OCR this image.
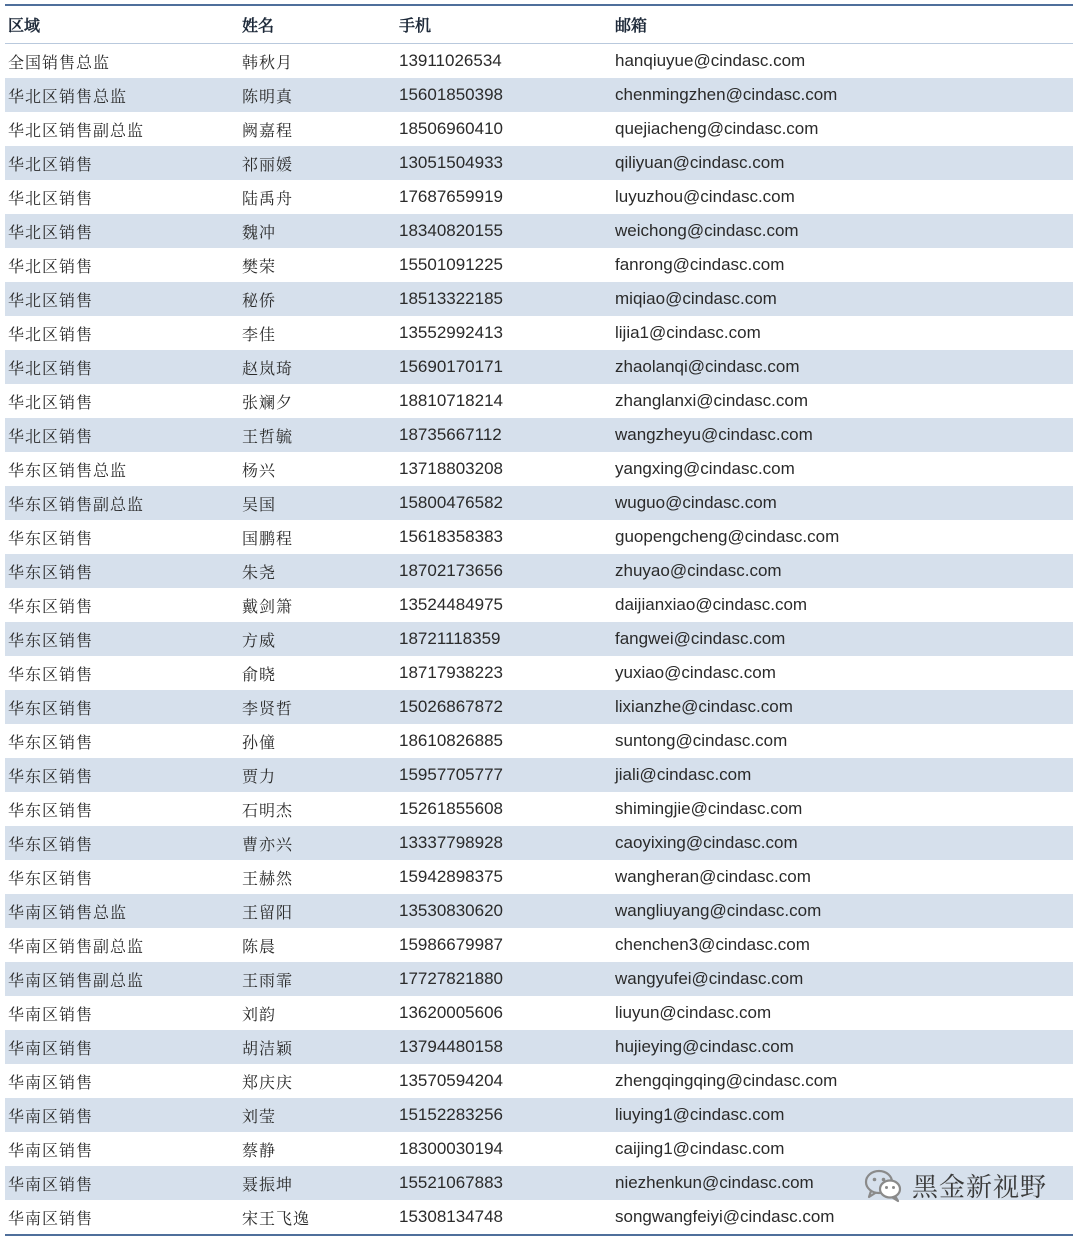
区域	姓名	手机	邮箱
全国销售总监	韩秋月	13911026534	hanqiuyue@cindasc.com
华北区销售总监	陈明真	15601850398	chenmingzhen@cindasc.com
华北区销售副总监	阙嘉程	18506960410	quejiacheng@cindasc.com
华北区销售	祁丽媛	13051504933	qiliyuan@cindasc.com
华北区销售	陆禹舟	17687659919	luyuzhou@cindasc.com
华北区销售	魏冲	18340820155	weichong@cindasc.com
华北区销售	樊荣	15501091225	fanrong@cindasc.com
华北区销售	秘侨	18513322185	miqiao@cindasc.com
华北区销售	李佳	13552992413	lijia1@cindasc.com
华北区销售	赵岚琦	15690170171	zhaolanqi@cindasc.com
华北区销售	张斓夕	18810718214	zhanglanxi@cindasc.com
华北区销售	王哲毓	18735667112	wangzheyu@cindasc.com
华东区销售总监	杨兴	13718803208	yangxing@cindasc.com
华东区销售副总监	吴国	15800476582	wuguo@cindasc.com
华东区销售	国鹏程	15618358383	guopengcheng@cindasc.com
华东区销售	朱尧	18702173656	zhuyao@cindasc.com
华东区销售	戴剑箫	13524484975	daijianxiao@cindasc.com
华东区销售	方威	18721118359	fangwei@cindasc.com
华东区销售	俞晓	18717938223	yuxiao@cindasc.com
华东区销售	李贤哲	15026867872	lixianzhe@cindasc.com
华东区销售	孙僮	18610826885	suntong@cindasc.com
华东区销售	贾力	15957705777	jiali@cindasc.com
华东区销售	石明杰	15261855608	shimingjie@cindasc.com
华东区销售	曹亦兴	13337798928	caoyixing@cindasc.com
华东区销售	王赫然	15942898375	wangheran@cindasc.com
华南区销售总监	王留阳	13530830620	wangliuyang@cindasc.com
华南区销售副总监	陈晨	15986679987	chenchen3@cindasc.com
华南区销售副总监	王雨霏	17727821880	wangyufei@cindasc.com
华南区销售	刘韵	13620005606	liuyun@cindasc.com
华南区销售	胡洁颖	13794480158	hujieying@cindasc.com
华南区销售	郑庆庆	13570594204	zhengqingqing@cindasc.com
华南区销售	刘莹	15152283256	liuying1@cindasc.com
华南区销售	蔡静	18300030194	caijing1@cindasc.com
华南区销售	聂振坤	15521067883	niezhenkun@cindasc.com
华南区销售	宋王飞逸	15308134748	songwangfeiyi@cindasc.com
黑金新视野
